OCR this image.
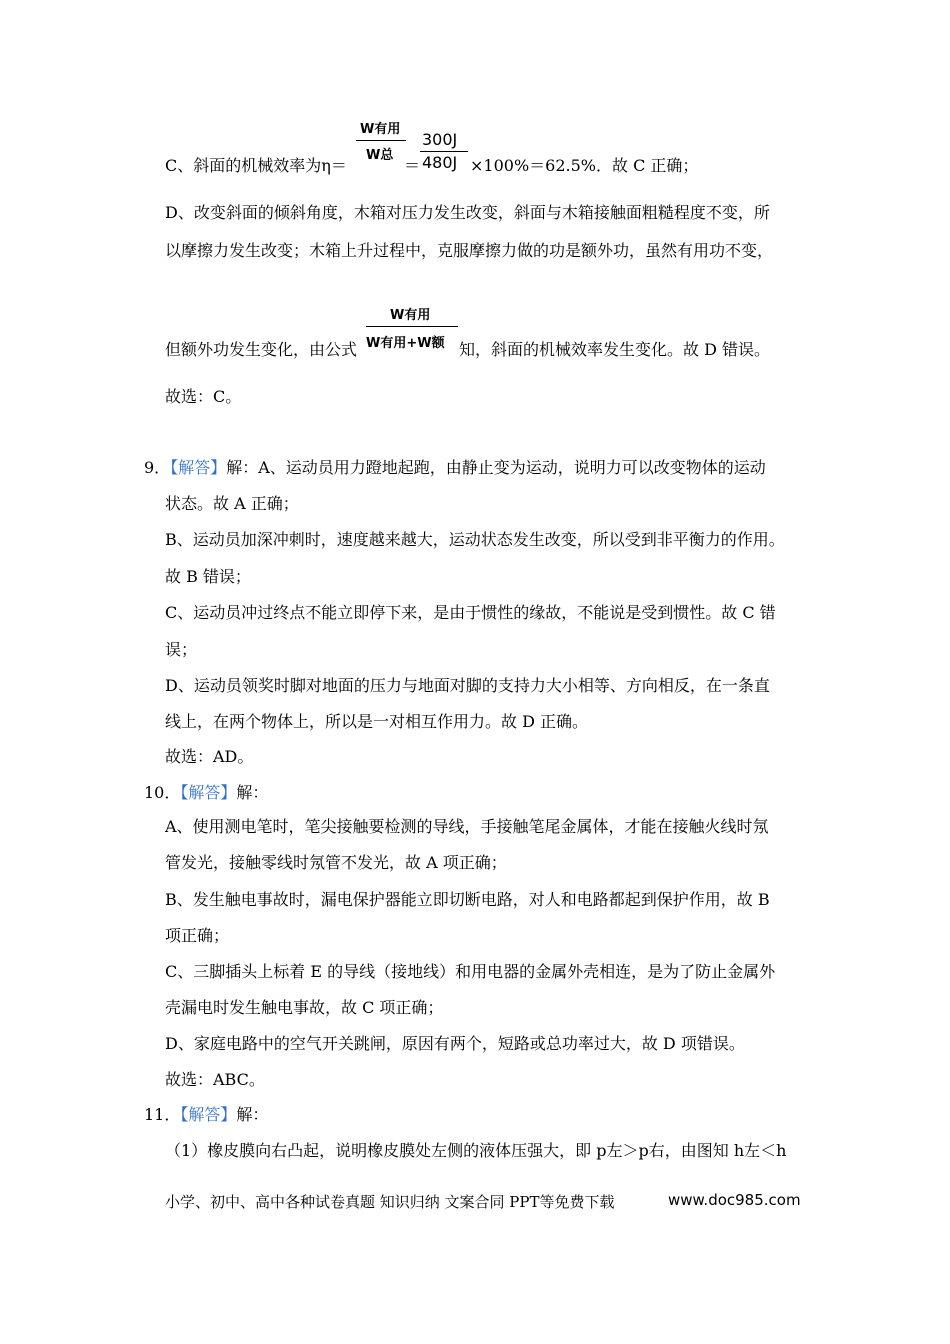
C、斜面的机械效率为η＝
W有用
W总
＝
300J
480J ×100%＝62.5%．故 C 正确；
D、改变斜面的倾斜角度，木箱对压力发生改变，斜面与木箱接触面粗糙程度不变，所
以摩擦力发生改变；木箱上升过程中，克服摩擦力做的功是额外功，虽然有用功不变，
但额外功发生变化，由公式
W有用
W有用+W额 知，斜面的机械效率发生变化。故 D 错误。
故选：C。
9．【解答】解：A、运动员用力蹬地起跑，由静止变为运动，说明力可以改变物体的运动
状态。故 A 正确；
B、运动员加深冲刺时，速度越来越大，运动状态发生改变，所以受到非平衡力的作用。
故 B 错误；
C、运动员冲过终点不能立即停下来，是由于惯性的缘故，不能说是受到惯性。故 C 错
误；
D、运动员领奖时脚对地面的压力与地面对脚的支持力大小相等、方向相反，在一条直
线上，在两个物体上，所以是一对相互作用力。故 D 正确。
故选：AD。
10．【解答】解：
A、使用测电笔时，笔尖接触要检测的导线，手接触笔尾金属体，才能在接触火线时氖
管发光，接触零线时氖管不发光，故 A 项正确；
B、发生触电事故时，漏电保护器能立即切断电路，对人和电路都起到保护作用，故 B
项正确；
C、三脚插头上标着 E 的导线（接地线）和用电器的金属外壳相连，是为了防止金属外
壳漏电时发生触电事故，故 C 项正确；
D、家庭电路中的空气开关跳闸，原因有两个，短路或总功率过大，故 D 项错误。
故选：ABC。
11．【解答】解：
（1）橡皮膜向右凸起，说明橡皮膜处左侧的液体压强大，即 p左＞p右，由图知 h左＜h
小学、初中、高中各种试卷真题 知识归纳 文案合同 PPT等免费下载	www.doc985.com
